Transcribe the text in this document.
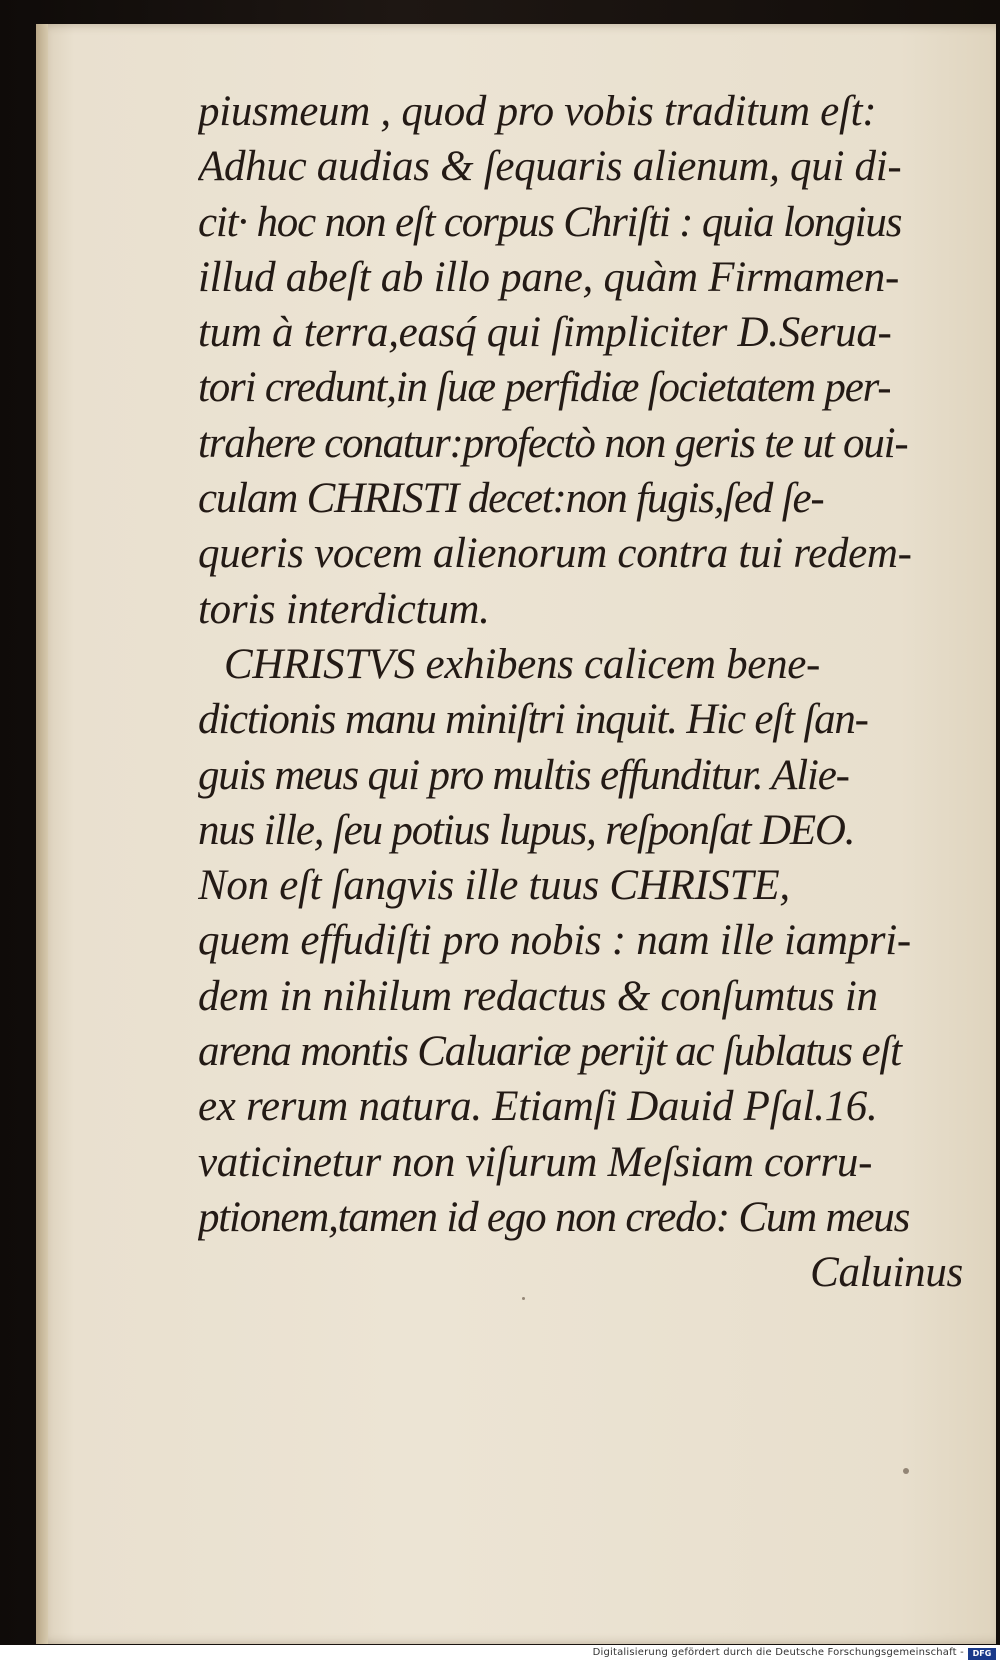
piusmeum , quod pro vobis traditum eſt:
Adhuc audias & ſequaris alienum, qui di-
cit· hoc non eſt corpus Chriſti : quia longius
illud abeſt ab illo pane, quàm Firmamen-
tum à terra,easq́ qui ſimpliciter D.Serua-
tori credunt,in ſuæ perfidiæ ſocietatem per-
trahere conatur:profectò non geris te ut oui-
culam CHRISTI decet:non fugis,ſed ſe-
queris vocem alienorum contra tui redem-
toris interdictum.
CHRISTVS exhibens calicem bene-
dictionis manu miniſtri inquit. Hic eſt ſan-
guis meus qui pro multis effunditur. Alie-
nus ille, ſeu potius lupus, reſponſat DEO.
Non eſt ſangvis ille tuus CHRISTE,
quem effudiſti pro nobis : nam ille iampri-
dem in nihilum redactus & conſumtus in
arena montis Caluariæ perijt ac ſublatus eſt
ex rerum natura. Etiamſi Dauid Pſal.16.
vaticinetur non viſurum Meſsiam corru-
ptionem,tamen id ego non credo: Cum meus
Caluinus
Digitalisierung gefördert durch die Deutsche Forschungsgemeinschaft -	DFG
